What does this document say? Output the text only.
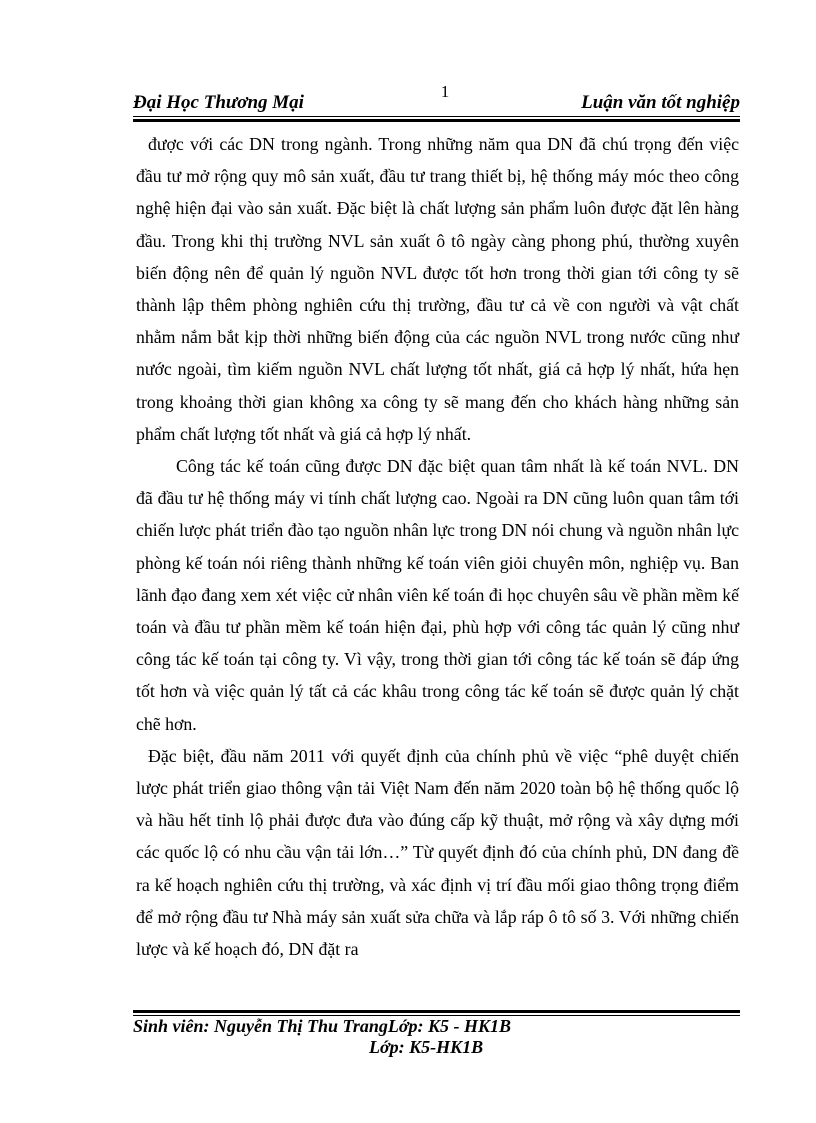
1
Đại Học Thương Mại	Luận văn tốt nghiệp

được với các DN trong ngành. Trong những năm qua DN đã chú trọng đến việc đầu tư mở rộng quy mô sản xuất, đầu tư trang thiết bị, hệ thống máy móc theo công nghệ hiện đại vào sản xuất. Đặc biệt là chất lượng sản phẩm luôn được đặt lên hàng đầu. Trong khi thị trường NVL sản xuất ô tô ngày càng phong phú, thường xuyên biến động nên để quản lý nguồn NVL được tốt hơn trong thời gian tới công ty sẽ thành lập thêm phòng nghiên cứu thị trường, đầu tư cả về con người và vật chất nhằm nắm bắt kịp thời những biến động của các nguồn NVL trong nước cũng như nước ngoài, tìm kiếm nguồn NVL chất lượng tốt nhất, giá cả hợp lý nhất, hứa hẹn trong khoảng thời gian không xa công ty sẽ mang đến cho khách hàng những sản phẩm chất lượng tốt nhất và giá cả hợp lý nhất.

Công tác kế toán cũng được DN đặc biệt quan tâm nhất là kế toán NVL. DN đã đầu tư hệ thống máy vi tính chất lượng cao. Ngoài ra DN cũng luôn quan tâm tới chiến lược phát triển đào tạo nguồn nhân lực trong DN nói chung và nguồn nhân lực phòng kế toán nói riêng thành những kế toán viên giỏi chuyên môn, nghiệp vụ. Ban lãnh đạo đang xem xét việc cử nhân viên kế toán đi học chuyên sâu về phần mềm kế toán và đầu tư phần mềm kế toán hiện đại, phù hợp với công tác quản lý cũng như công tác kế toán tại công ty. Vì vậy, trong thời gian tới công tác kế toán sẽ đáp ứng tốt hơn và việc quản lý tất cả các khâu trong công tác kế toán sẽ được quản lý chặt chẽ hơn.

Đặc biệt, đầu năm 2011 với quyết định của chính phủ về việc “phê duyệt chiến lược phát triển giao thông vận tải Việt Nam đến năm 2020 toàn bộ hệ thống quốc lộ và hầu hết tỉnh lộ phải được đưa vào đúng cấp kỹ thuật, mở rộng và xây dựng mới các quốc lộ có nhu cầu vận tải lớn…” Từ quyết định đó của chính phủ, DN đang đề ra kế hoạch nghiên cứu thị trường, và xác định vị trí đầu mối giao thông trọng điểm để mở rộng đầu tư Nhà máy sản xuất sửa chữa và lắp ráp ô tô số 3. Với những chiến lược và kế hoạch đó, DN đặt ra

Sinh viên: Nguyễn Thị Thu TrangLớp: K5 - HK1B
Lớp: K5-HK1B
